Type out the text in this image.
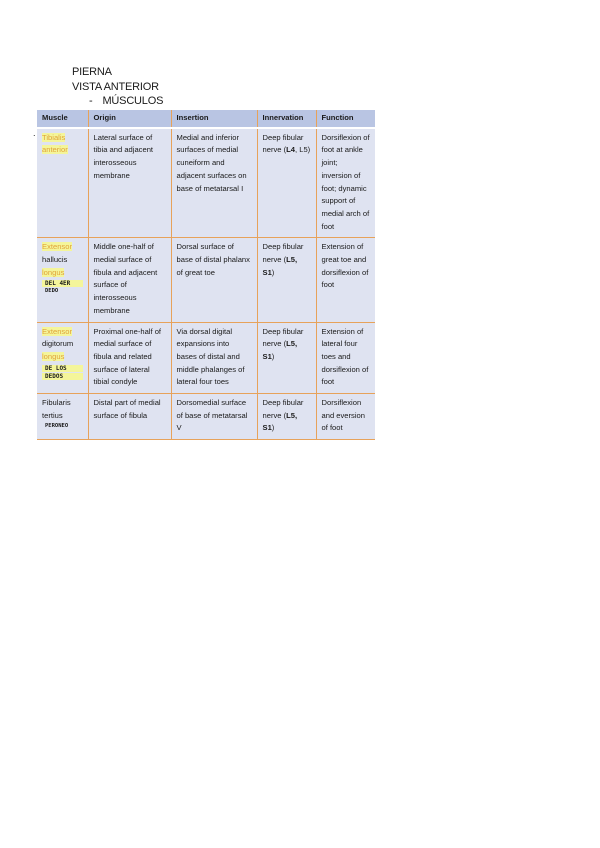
PIERNA
VISTA ANTERIOR
- MÚSCULOS
.
Muscle	Origin	Insertion	Innervation	Function
Tibialis
anterior	Lateral surface of tibia and adjacent interosseous membrane	Medial and inferior surfaces of medial cuneiform and adjacent surfaces on base of metatarsal I	Deep fibular nerve (L4, L5)	Dorsiflexion of foot at ankle joint; inversion of foot; dynamic support of medial arch of foot
Extensor
hallucis
longus
DEL 4ER
DEDO	Middle one-half of medial surface of fibula and adjacent surface of interosseous membrane	Dorsal surface of base of distal phalanx of great toe	Deep fibular nerve (L5, S1)	Extension of great toe and dorsiflexion of foot
Extensor
digitorum
longus
DE LOS
DEDOS	Proximal one-half of medial surface of fibula and related surface of lateral tibial condyle	Via dorsal digital expansions into bases of distal and middle phalanges of lateral four toes	Deep fibular nerve (L5, S1)	Extension of lateral four toes and dorsiflexion of foot
Fibularis
tertius
PERONEO	Distal part of medial surface of fibula	Dorsomedial surface of base of metatarsal V	Deep fibular nerve (L5, S1)	Dorsiflexion and eversion of foot
